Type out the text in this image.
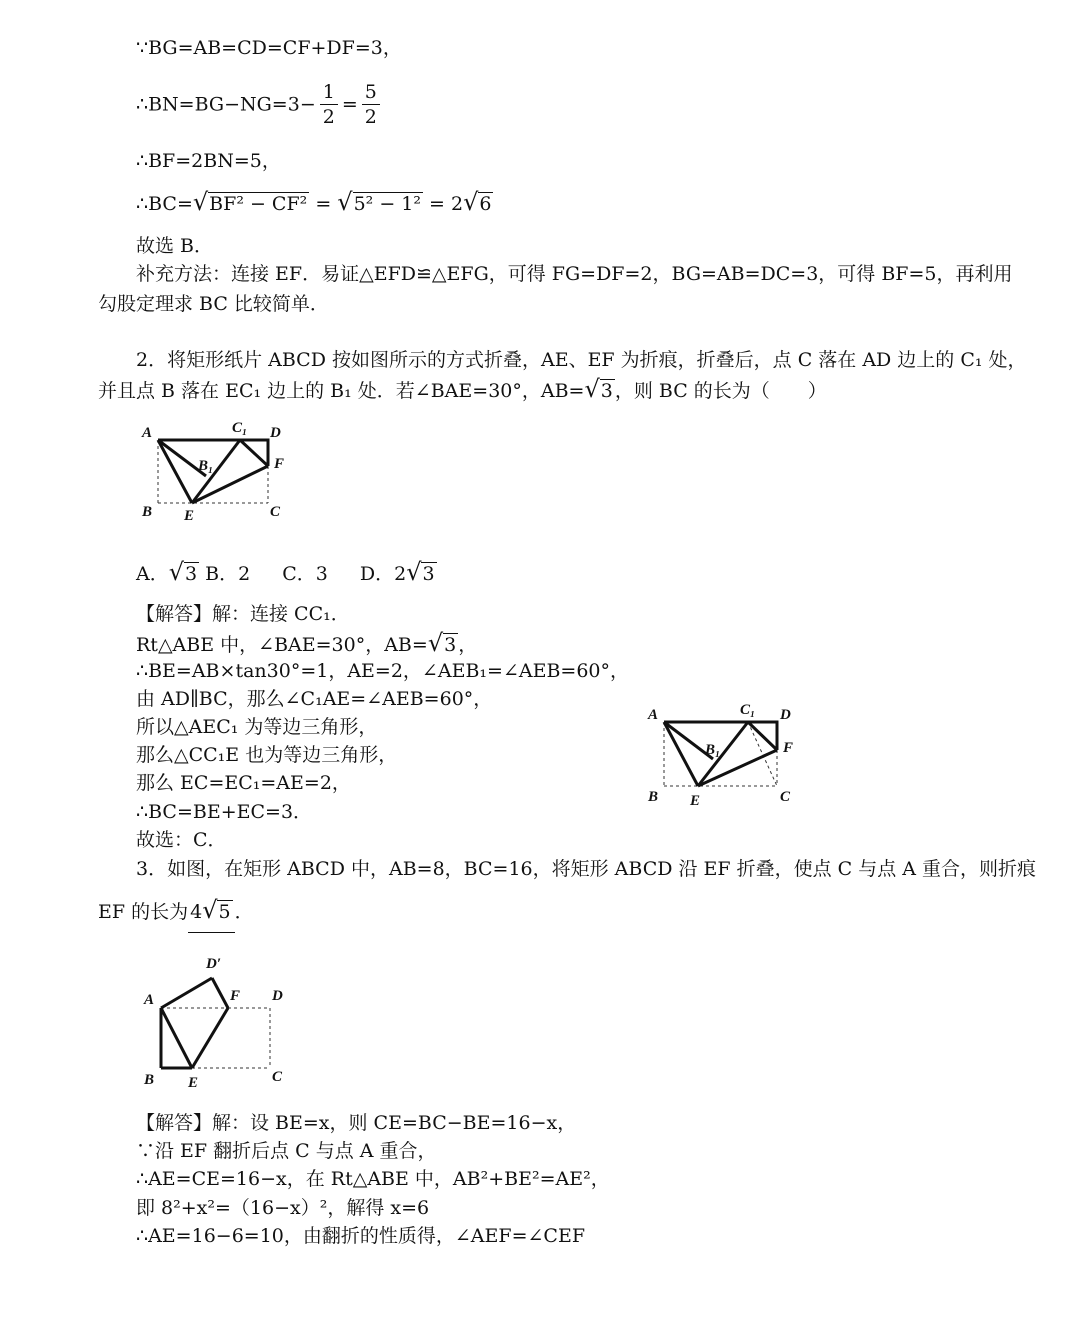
∵BG=AB=CD=CF+DF=3，
∴BN=BG−NG=3− $\frac{1}{2} = \frac{5}{2}$
∴BF=2BN=5，
∴BC=√BF² − CF² = √5² − 1² = 2√6
故选 B．
补充方法：连接 EF．易证△EFD≌△EFG，可得 FG=DF=2，BG=AB=DC=3，可得 BF=5，再利用
勾股定理求 BC 比较简单．
2．将矩形纸片 ABCD 按如图所示的方式折叠，AE、EF 为折痕，折叠后，点 C 落在 AD 边上的 C₁ 处，
并且点 B 落在 EC₁ 边上的 B₁ 处．若∠BAE=30°，AB=√3 ，则 BC 的长为（　　）
A	C₁ D
B₁	F
B E	C
A．√3 B．2 C．3 D．2√3
【解答】解：连接 CC₁．
Rt△ABE 中，∠BAE=30°，AB=√3 ，
∴BE=AB×tan30°=1，AE=2，∠AEB₁=∠AEB=60°，
由 AD∥BC，那么∠C₁AE=∠AEB=60°，
所以△AEC₁ 为等边三角形，
那么△CC₁E 也为等边三角形，
那么 EC=EC₁=AE=2，
∴BC=BE+EC=3．
故选：C．
A	C₁ D
B₁	F
B E	C
3．如图，在矩形 ABCD 中，AB=8，BC=16，将矩形 ABCD 沿 EF 折叠，使点 C 与点 A 重合，则折痕
EF 的长为 4√5 ．
D′
A	F D
B E	C
【解答】解：设 BE=x，则 CE=BC−BE=16−x，
∵沿 EF 翻折后点 C 与点 A 重合，
∴AE=CE=16−x，在 Rt△ABE 中，AB²+BE²=AE²，
即 8²+x²=（16−x）²，解得 x=6
∴AE=16−6=10，由翻折的性质得，∠AEF=∠CEF
